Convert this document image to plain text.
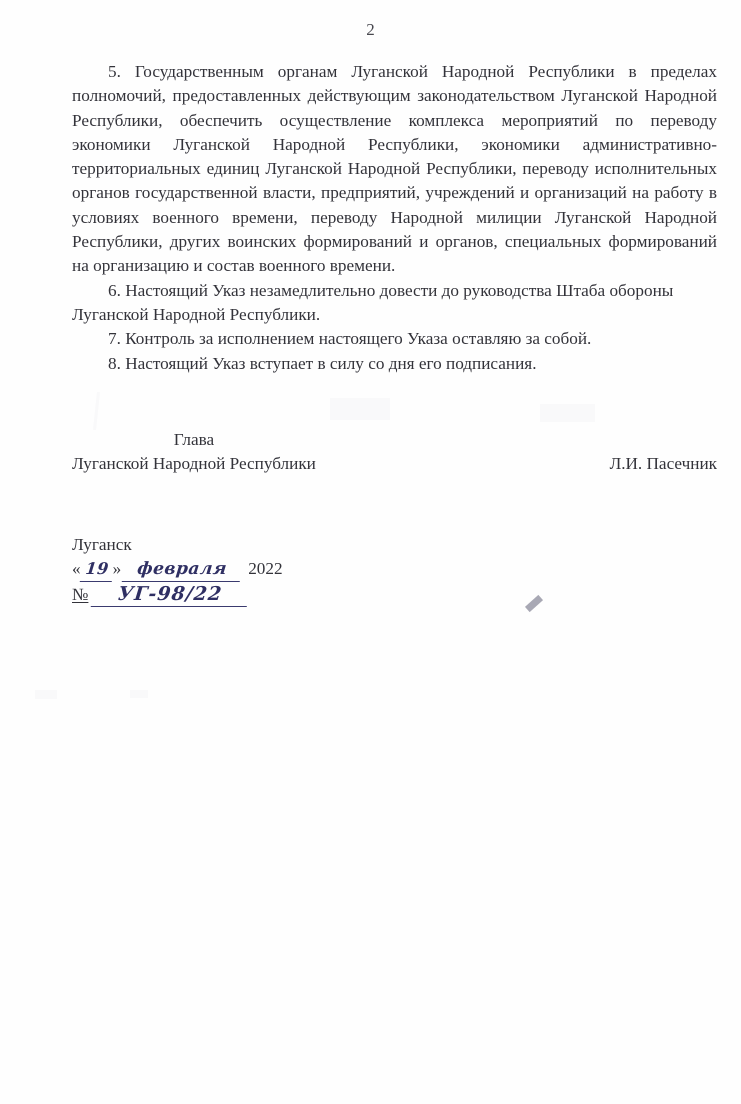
2

5. Государственным органам Луганской Народной Республики в пределах полномочий, предоставленных действующим законодательством Луганской Народной Республики, обеспечить осуществление комплекса мероприятий по переводу экономики Луганской Народной Республики, экономики административно-территориальных единиц Луганской Народной Республики, переводу исполнительных органов государственной власти, предприятий, учреждений и организаций на работу в условиях военного времени, переводу Народной милиции Луганской Народной Республики, других воинских формирований и органов, специальных формирований на организацию и состав военного времени.

6. Настоящий Указ незамедлительно довести до руководства Штаба обороны Луганской Народной Республики.

7. Контроль за исполнением настоящего Указа оставляю за собой.

8. Настоящий Указ вступает в силу со дня его подписания.

Глава
Луганской Народной Республики	Л.И. Пасечник
Луганск
« 19 » февраля	2022
№	УГ-98/22
